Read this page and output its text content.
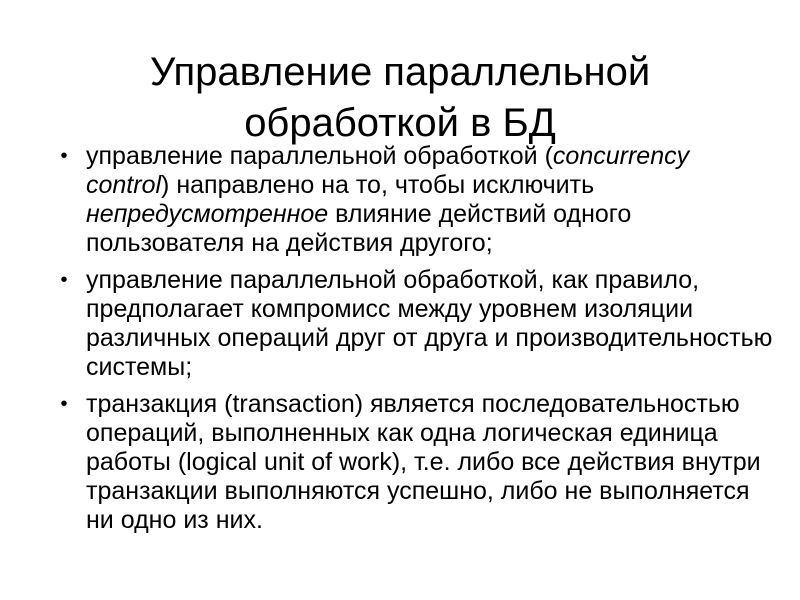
Управление параллельной
обработкой в БД
• управление параллельной обработкой (concurrency control) направлено на то, чтобы исключить непредусмотренное влияние действий одного пользователя на действия другого;
• управление параллельной обработкой, как правило, предполагает компромисс между уровнем изоляции различных операций друг от друга и производительностью системы;
• транзакция (transaction) является последовательностью операций, выполненных как одна логическая единица работы (logical unit of work), т.е. либо все действия внутри транзакции выполняются успешно, либо не выполняется ни одно из них.
